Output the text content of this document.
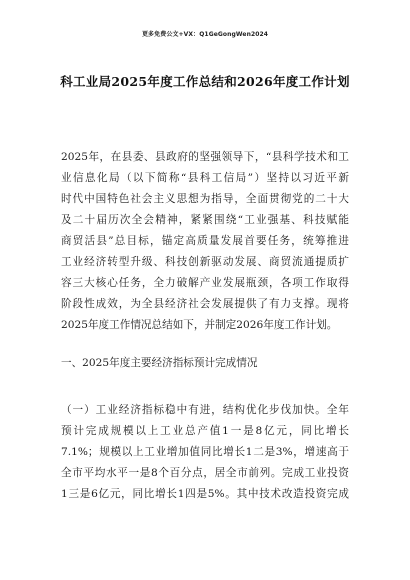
更多免费公文+VX：Q1GeGongWen2024
科工业局2025年度工作总结和2026年度工作计划
2025年，在县委、县政府的坚强领导下，“县科学技术和工
业信息化局（以下简称“县科工信局”）坚持以习近平新
时代中国特色社会主义思想为指导，全面贯彻党的二十大
及二十届历次全会精神，紧紧围绕“工业强基、科技赋能
商贸活县”总目标，锚定高质量发展首要任务，统筹推进
工业经济转型升级、科技创新驱动发展、商贸流通提质扩
容三大核心任务，全力破解产业发展瓶颈，各项工作取得
阶段性成效，为全县经济社会发展提供了有力支撑。现将
2025年度工作情况总结如下，并制定2026年度工作计划。
一、2025年度主要经济指标预计完成情况
（一）工业经济指标稳中有进，结构优化步伐加快。全年
预计完成规模以上工业总产值1一是8亿元，同比增长
7.1%；规模以上工业增加值同比增长1二是3%，增速高于
全市平均水平一是8个百分点，居全市前列。完成工业投资
1三是6亿元，同比增长1四是5%。其中技术改造投资完成
